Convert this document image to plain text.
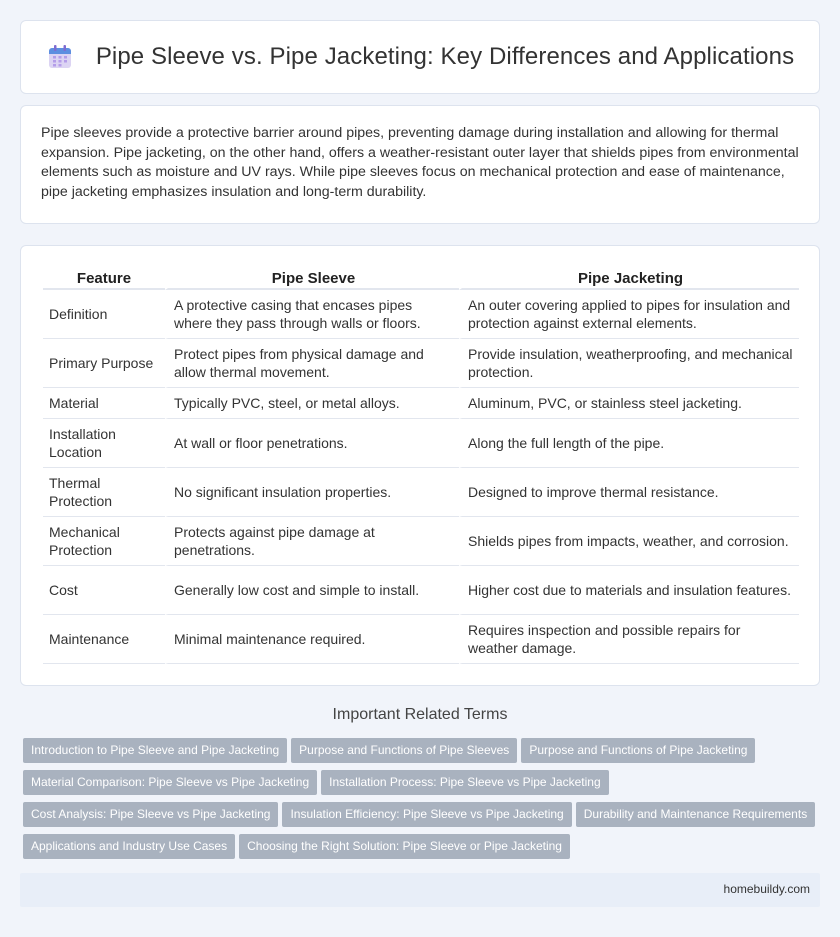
Pipe Sleeve vs. Pipe Jacketing: Key Differences and Applications

Pipe sleeves provide a protective barrier around pipes, preventing damage during installation and allowing for thermal expansion. Pipe jacketing, on the other hand, offers a weather-resistant outer layer that shields pipes from environmental elements such as moisture and UV rays. While pipe sleeves focus on mechanical protection and ease of maintenance, pipe jacketing emphasizes insulation and long-term durability.

Feature	Pipe Sleeve	Pipe Jacketing
Definition	A protective casing that encases pipes where they pass through walls or floors.	An outer covering applied to pipes for insulation and protection against external elements.
Primary Purpose	Protect pipes from physical damage and allow thermal movement.	Provide insulation, weatherproofing, and mechanical protection.
Material	Typically PVC, steel, or metal alloys.	Aluminum, PVC, or stainless steel jacketing.
Installation Location	At wall or floor penetrations.	Along the full length of the pipe.
Thermal Protection	No significant insulation properties.	Designed to improve thermal resistance.
Mechanical Protection	Protects against pipe damage at penetrations.	Shields pipes from impacts, weather, and corrosion.
Cost	Generally low cost and simple to install.	Higher cost due to materials and insulation features.
Maintenance	Minimal maintenance required.	Requires inspection and possible repairs for weather damage.
Important Related Terms
Introduction to Pipe Sleeve and Pipe Jacketing Purpose and Functions of Pipe Sleeves Purpose and Functions of Pipe Jacketing
Material Comparison: Pipe Sleeve vs Pipe Jacketing Installation Process: Pipe Sleeve vs Pipe Jacketing
Cost Analysis: Pipe Sleeve vs Pipe Jacketing Insulation Efficiency: Pipe Sleeve vs Pipe Jacketing Durability and Maintenance Requirements
Applications and Industry Use Cases Choosing the Right Solution: Pipe Sleeve or Pipe Jacketing
homebuildy.com
